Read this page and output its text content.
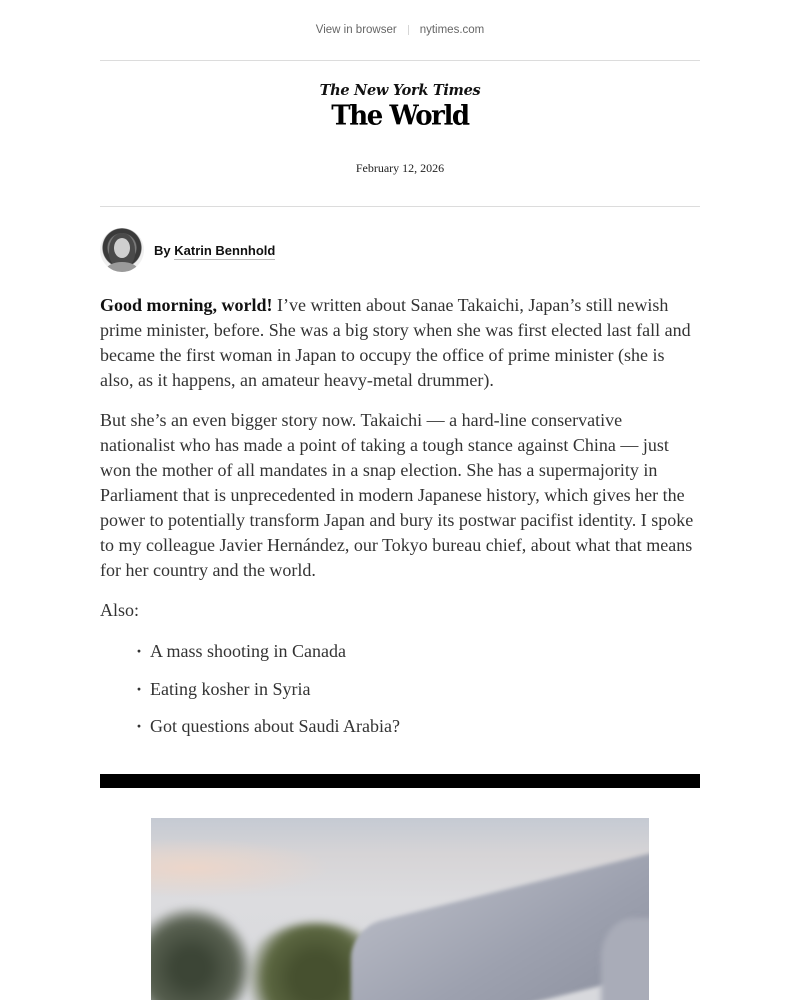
View in browser nytimes.com
The New York Times
The World
February 12, 2026
By Katrin Bennhold

Good morning, world! I’ve written about Sanae Takaichi, Japan’s still newish prime minister, before. She was a big story when she was first elected last fall and became the first woman in Japan to occupy the office of prime minister (she is also, as it happens, an amateur heavy-metal drummer).

But she’s an even bigger story now. Takaichi — a hard-line conservative nationalist who has made a point of taking a tough stance against China — just won the mother of all mandates in a snap election. She has a supermajority in Parliament that is unprecedented in modern Japanese history, which gives her the power to potentially transform Japan and bury its postwar pacifist identity. I spoke to my colleague Javier Hernández, our Tokyo bureau chief, about what that means for her country and the world.

Also:

· A mass shooting in Canada
· Eating kosher in Syria
· Got questions about Saudi Arabia?
